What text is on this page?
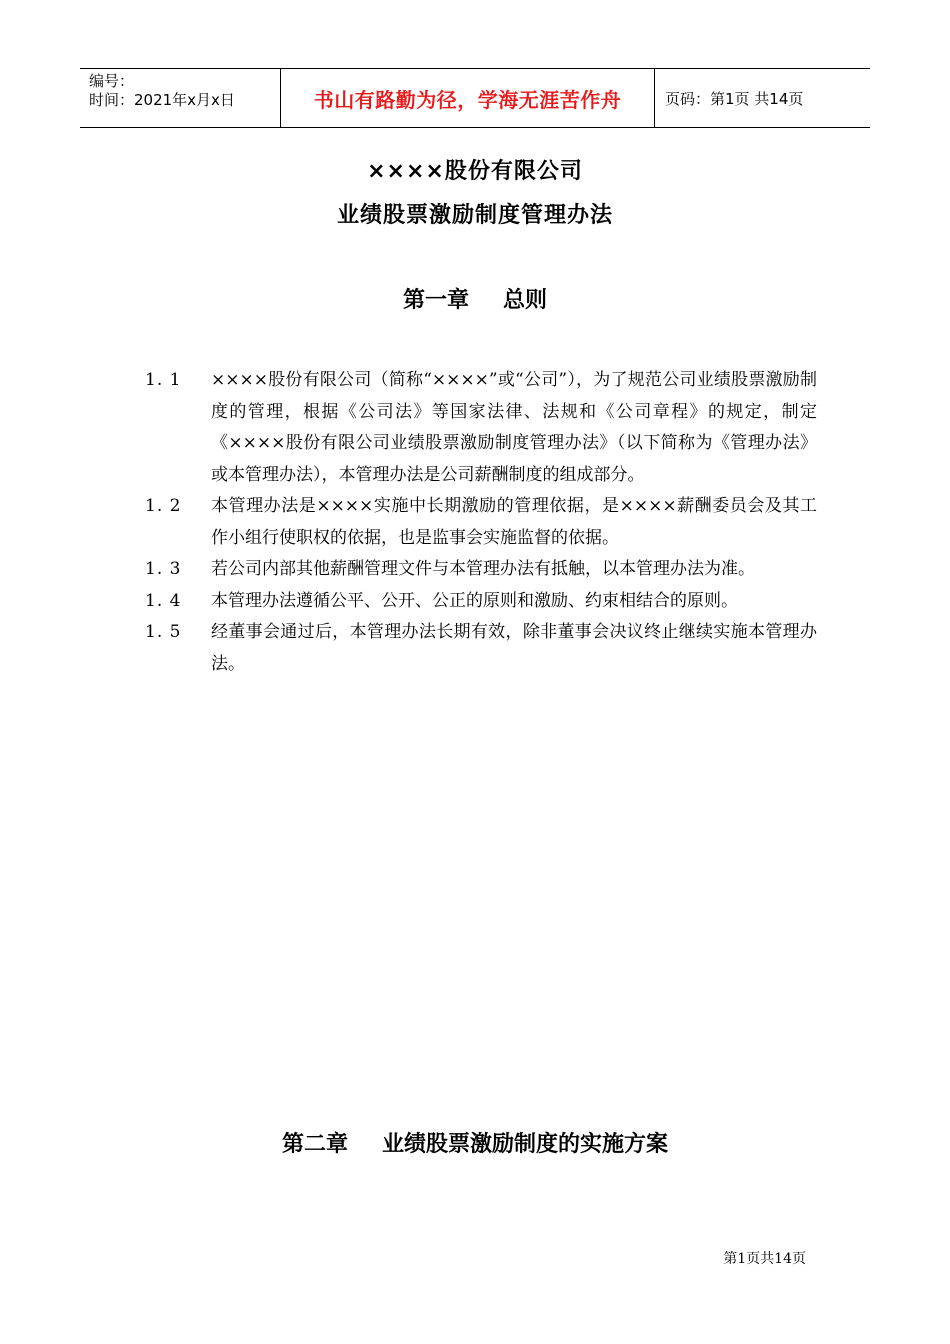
编号：
时间：2021年x月x日	书山有路勤为径，学海无涯苦作舟	页码：第1页 共14页
××××股份有限公司
业绩股票激励制度管理办法
第一章 总则
1. 1	××××股份有限公司（简称“××××”或“公司”），为了规范公司业绩股票激励制度的管理，根据《公司法》等国家法律、法规和《公司章程》的规定，制定《××××股份有限公司业绩股票激励制度管理办法》（以下简称为《管理办法》或本管理办法），本管理办法是公司薪酬制度的组成部分。
1. 2	本管理办法是××××实施中长期激励的管理依据，是××××薪酬委员会及其工作小组行使职权的依据，也是监事会实施监督的依据。
1. 3	若公司内部其他薪酬管理文件与本管理办法有抵触，以本管理办法为准。
1. 4	本管理办法遵循公平、公开、公正的原则和激励、约束相结合的原则。
1. 5	经董事会通过后，本管理办法长期有效，除非董事会决议终止继续实施本管理办法。
第二章 业绩股票激励制度的实施方案
第1页共14页
